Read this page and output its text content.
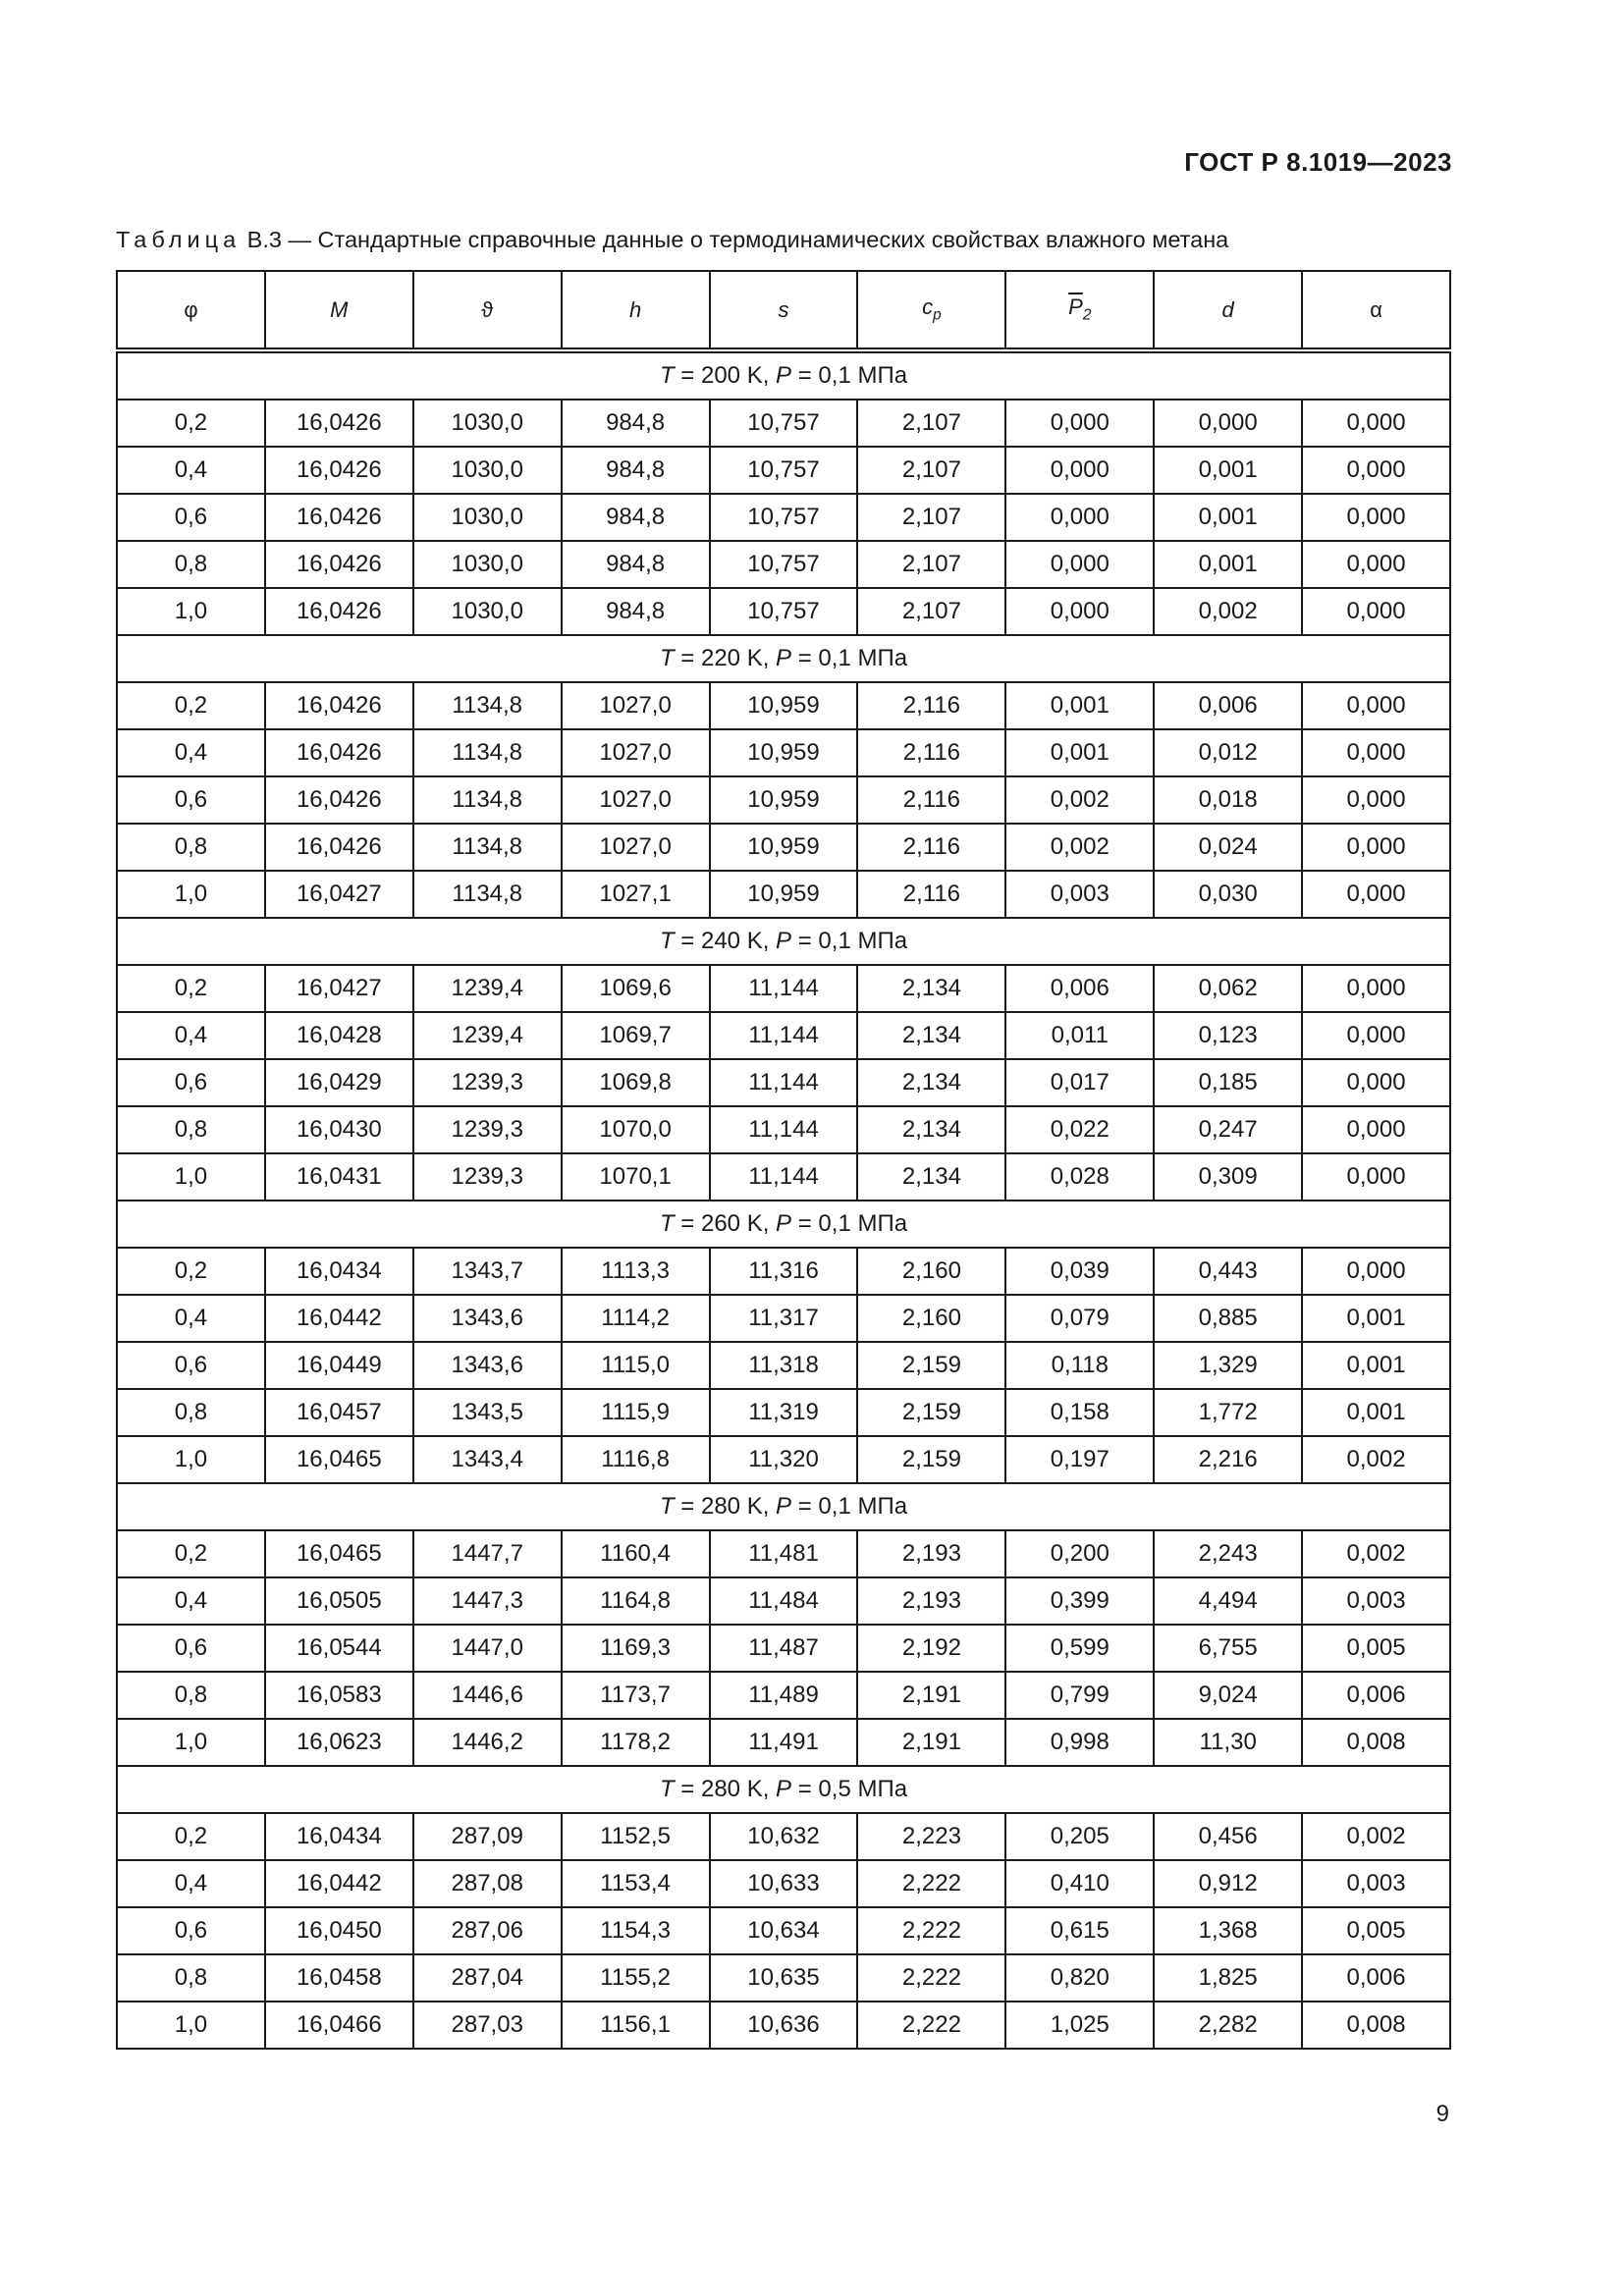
ГОСТ Р 8.1019—2023
Таблица В.3 — Стандартные справочные данные о термодинамических свойствах влажного метана
φ	M	ϑ	h	s	$c_p$	$\overline{P}_2$	d	α
T = 200 K, P = 0,1 МПа								
0,2	16,0426	1030,0	984,8	10,757	2,107	0,000	0,000	0,000
0,4	16,0426	1030,0	984,8	10,757	2,107	0,000	0,001	0,000
0,6	16,0426	1030,0	984,8	10,757	2,107	0,000	0,001	0,000
0,8	16,0426	1030,0	984,8	10,757	2,107	0,000	0,001	0,000
1,0	16,0426	1030,0	984,8	10,757	2,107	0,000	0,002	0,000
T = 220 K, P = 0,1 МПа								
0,2	16,0426	1134,8	1027,0	10,959	2,116	0,001	0,006	0,000
0,4	16,0426	1134,8	1027,0	10,959	2,116	0,001	0,012	0,000
0,6	16,0426	1134,8	1027,0	10,959	2,116	0,002	0,018	0,000
0,8	16,0426	1134,8	1027,0	10,959	2,116	0,002	0,024	0,000
1,0	16,0427	1134,8	1027,1	10,959	2,116	0,003	0,030	0,000
T = 240 K, P = 0,1 МПа								
0,2	16,0427	1239,4	1069,6	11,144	2,134	0,006	0,062	0,000
0,4	16,0428	1239,4	1069,7	11,144	2,134	0,011	0,123	0,000
0,6	16,0429	1239,3	1069,8	11,144	2,134	0,017	0,185	0,000
0,8	16,0430	1239,3	1070,0	11,144	2,134	0,022	0,247	0,000
1,0	16,0431	1239,3	1070,1	11,144	2,134	0,028	0,309	0,000
T = 260 K, P = 0,1 МПа								
0,2	16,0434	1343,7	1113,3	11,316	2,160	0,039	0,443	0,000
0,4	16,0442	1343,6	1114,2	11,317	2,160	0,079	0,885	0,001
0,6	16,0449	1343,6	1115,0	11,318	2,159	0,118	1,329	0,001
0,8	16,0457	1343,5	1115,9	11,319	2,159	0,158	1,772	0,001
1,0	16,0465	1343,4	1116,8	11,320	2,159	0,197	2,216	0,002
T = 280 K, P = 0,1 МПа								
0,2	16,0465	1447,7	1160,4	11,481	2,193	0,200	2,243	0,002
0,4	16,0505	1447,3	1164,8	11,484	2,193	0,399	4,494	0,003
0,6	16,0544	1447,0	1169,3	11,487	2,192	0,599	6,755	0,005
0,8	16,0583	1446,6	1173,7	11,489	2,191	0,799	9,024	0,006
1,0	16,0623	1446,2	1178,2	11,491	2,191	0,998	11,30	0,008
T = 280 K, P = 0,5 МПа								
0,2	16,0434	287,09	1152,5	10,632	2,223	0,205	0,456	0,002
0,4	16,0442	287,08	1153,4	10,633	2,222	0,410	0,912	0,003
0,6	16,0450	287,06	1154,3	10,634	2,222	0,615	1,368	0,005
0,8	16,0458	287,04	1155,2	10,635	2,222	0,820	1,825	0,006
1,0	16,0466	287,03	1156,1	10,636	2,222	1,025	2,282	0,008
9
